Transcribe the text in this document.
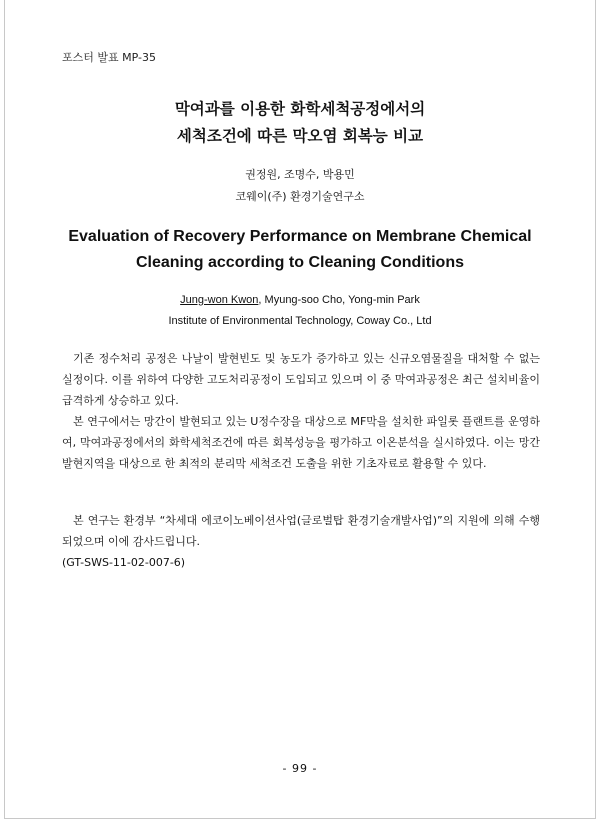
포스터 발표 MP-35
막여과를 이용한 화학세척공정에서의
세척조건에 따른 막오염 회복능 비교
권정원, 조명수, 박용민
코웨이(주) 환경기술연구소
Evaluation of Recovery Performance on Membrane Chemical
Cleaning according to Cleaning Conditions
Jung-won Kwon, Myung-soo Cho, Yong-min Park
Institute of Environmental Technology, Coway Co., Ltd

기존 정수처리 공정은 나날이 발현빈도 및 농도가 증가하고 있는 신규오염물질을 대처할 수 없는 실정이다. 이를 위하여 다양한 고도처리공정이 도입되고 있으며 이 중 막여과공정은 최근 설치비율이 급격하게 상승하고 있다.

본 연구에서는 망간이 발현되고 있는 U정수장을 대상으로 MF막을 설치한 파일롯 플랜트를 운영하여, 막여과공정에서의 화학세척조건에 따른 회복성능을 평가하고 이온분석을 실시하였다. 이는 망간발현지역을 대상으로 한 최적의 분리막 세척조건 도출을 위한 기초자료로 활용할 수 있다.

본 연구는 환경부 “차세대 에코이노베이션사업(글로벌탑 환경기술개발사업)”의 지원에 의해 수행되었으며 이에 감사드립니다.

(GT-SWS-11-02-007-6)

- 99 -
